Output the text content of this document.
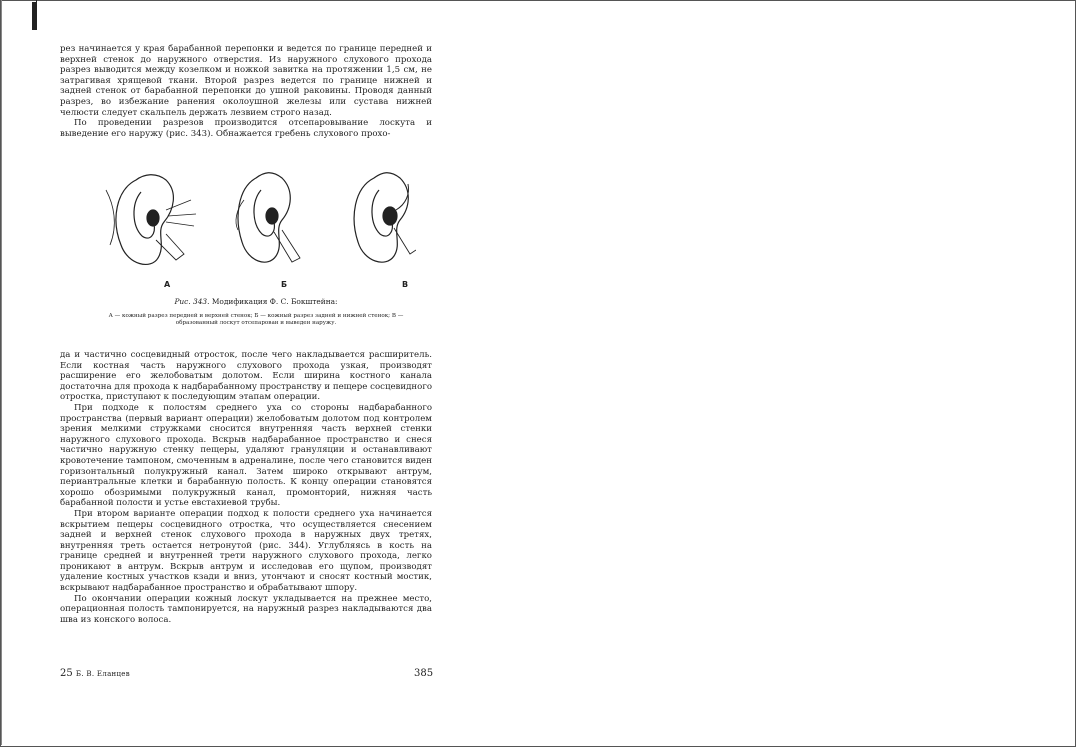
рез начинается у края барабанной перепонки и ведется по границе передней и верхней стенок до наружного отверстия. Из наружного слухового прохода разрез выводится между козелком и ножкой завитка на протяжении 1,5 см, не затрагивая хрящевой ткани. Второй разрез ведется по границе нижней и задней стенок от барабанной перепонки до ушной раковины. Проводя данный разрез, во избежание ранения околоушной железы или сустава нижней челюсти следует скальпель держать лезвием строго назад.

По проведении разрезов производится отсепаровывание лоскута и выведение его наружу (рис. 343). Обнажается гребень слухового прохо-

А	Б	В
Рис. 343. Модификация Ф. С. Бокштейна:
А — кожный разрез передней и верхней стенок; Б — кожный разрез задней и нижней стенок; В — образованный лоскут отсепарован и выведен наружу.

да и частично сосцевидный отросток, после чего накладывается расширитель. Если костная часть наружного слухового прохода узкая, производят расширение его желобоватым долотом. Если ширина костного канала достаточна для прохода к надбарабанному пространству и пещере сосцевидного отростка, приступают к последующим этапам операции.

При подходе к полостям среднего уха со стороны надбарабанного пространства (первый вариант операции) желобоватым долотом под контролем зрения мелкими стружками сносится внутренняя часть верхней стенки наружного слухового прохода. Вскрыв надбарабанное пространство и снеся частично наружную стенку пещеры, удаляют грануляции и останавливают кровотечение тампоном, смоченным в адреналине, после чего становится виден горизонтальный полукружный канал. Затем широко открывают антрум, периантральные клетки и барабанную полость. К концу операции становятся хорошо обозримыми полукружный канал, промонторий, нижняя часть барабанной полости и устье евстахиевой трубы.

При втором варианте операции подход к полости среднего уха начинается вскрытием пещеры сосцевидного отростка, что осуществляется снесением задней и верхней стенок слухового прохода в наружных двух третях, внутренняя треть остается нетронутой (рис. 344). Углубляясь в кость на границе средней и внутренней трети наружного слухового прохода, легко проникают в антрум. Вскрыв антрум и исследовав его щупом, производят удаление костных участков кзади и вниз, утончают и сносят костный мостик, вскрывают надбарабанное пространство и обрабатывают шпору.

По окончании операции кожный лоскут укладывается на прежнее место, операционная полость тампонируется, на наружный разрез накладываются два шва из конского волоса.

25 Б. В. Еланцев	385
